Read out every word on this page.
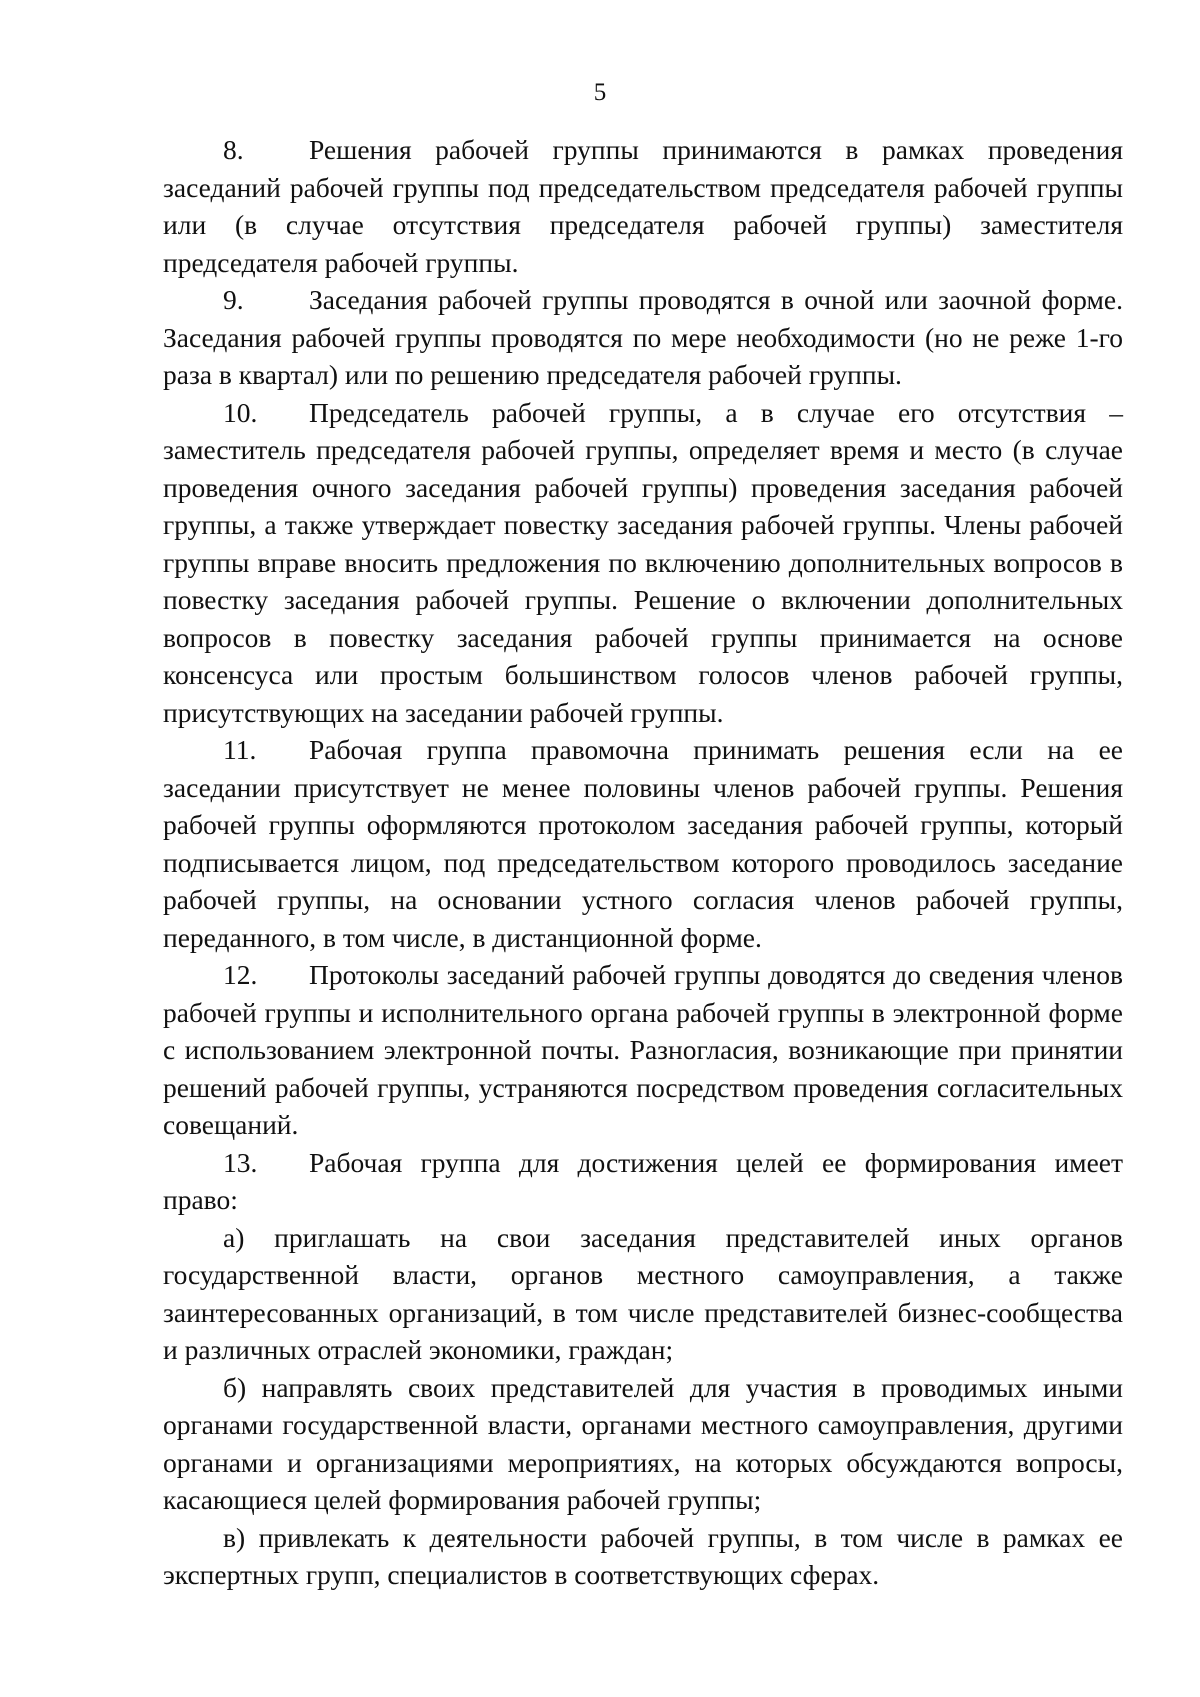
5

8. Решения рабочей группы принимаются в рамках проведения заседаний рабочей группы под председательством председателя рабочей группы или (в случае отсутствия председателя рабочей группы) заместителя председателя рабочей группы.

9. Заседания рабочей группы проводятся в очной или заочной форме. Заседания рабочей группы проводятся по мере необходимости (но не реже 1-го раза в квартал) или по решению председателя рабочей группы.

10. Председатель рабочей группы, а в случае его отсутствия – заместитель председателя рабочей группы, определяет время и место (в случае проведения очного заседания рабочей группы) проведения заседания рабочей группы, а также утверждает повестку заседания рабочей группы. Члены рабочей группы вправе вносить предложения по включению дополнительных вопросов в повестку заседания рабочей группы. Решение о включении дополнительных вопросов в повестку заседания рабочей группы принимается на основе консенсуса или простым большинством голосов членов рабочей группы, присутствующих на заседании рабочей группы.

11. Рабочая группа правомочна принимать решения если на ее заседании присутствует не менее половины членов рабочей группы. Решения рабочей группы оформляются протоколом заседания рабочей группы, который подписывается лицом, под председательством которого проводилось заседание рабочей группы, на основании устного согласия членов рабочей группы, переданного, в том числе, в дистанционной форме.

12. Протоколы заседаний рабочей группы доводятся до сведения членов рабочей группы и исполнительного органа рабочей группы в электронной форме с использованием электронной почты. Разногласия, возникающие при принятии решений рабочей группы, устраняются посредством проведения согласительных совещаний.

13. Рабочая группа для достижения целей ее формирования имеет право:

а) приглашать на свои заседания представителей иных органов государственной власти, органов местного самоуправления, а также заинтересованных организаций, в том числе представителей бизнес-сообщества и различных отраслей экономики, граждан;

б) направлять своих представителей для участия в проводимых иными органами государственной власти, органами местного самоуправления, другими органами и организациями мероприятиях, на которых обсуждаются вопросы, касающиеся целей формирования рабочей группы;

в) привлекать к деятельности рабочей группы, в том числе в рамках ее экспертных групп, специалистов в соответствующих сферах.
